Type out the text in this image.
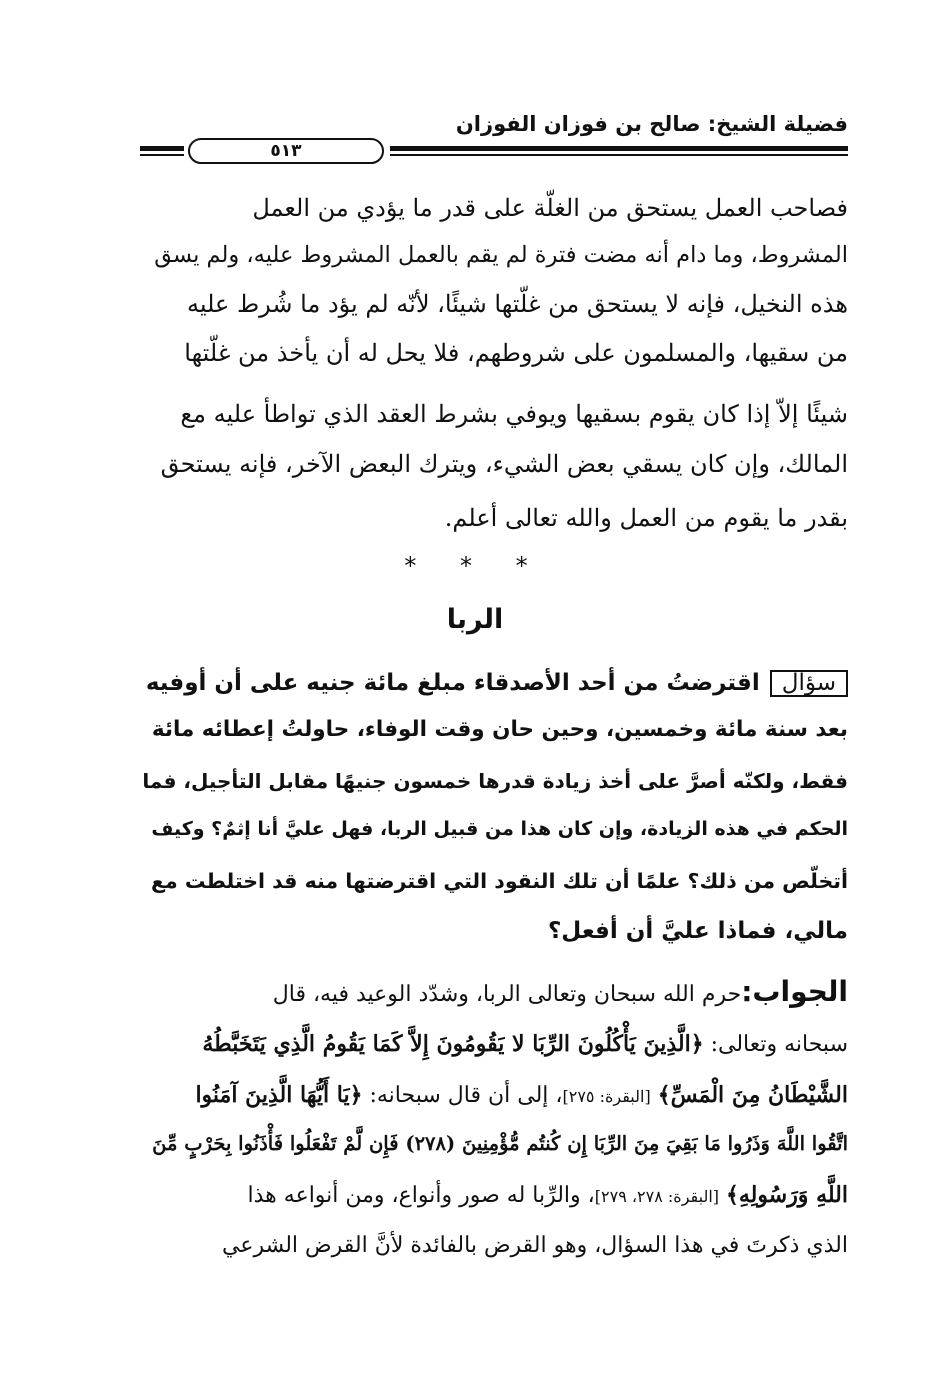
فضيلة الشيخ: صالح بن فوزان الفوزان
٥١٣
فصاحب العمل يستحق من الغلّة على قدر ما يؤدي من العمل
المشروط، وما دام أنه مضت فترة لم يقم بالعمل المشروط عليه، ولم يسق
هذه النخيل، فإنه لا يستحق من غلّتها شيئًا، لأنّه لم يؤد ما شُرط عليه
من سقيها، والمسلمون على شروطهم، فلا يحل له أن يأخذ من غلّتها
شيئًا إلاّ إذا كان يقوم بسقيها ويوفي بشرط العقد الذي تواطأ عليه مع
المالك، وإن كان يسقي بعض الشيء، ويترك البعض الآخر، فإنه يستحق
بقدر ما يقوم من العمل والله تعالى أعلم.
* * *
الربا
سؤالاقترضتُ من أحد الأصدقاء مبلغ مائة جنيه على أن أوفيه
بعد سنة مائة وخمسين، وحين حان وقت الوفاء، حاولتُ إعطائه مائة
فقط، ولكنّه أصرَّ على أخذ زيادة قدرها خمسون جنيهًا مقابل التأجيل، فما
الحكم في هذه الزيادة، وإن كان هذا من قبيل الربا، فهل عليَّ أنا إثمٌ؟ وكيف
أتخلّص من ذلك؟ علمًا أن تلك النقود التي اقترضتها منه قد اختلطت مع
مالي، فماذا عليَّ أن أفعل؟
الجواب:حرم الله سبحان وتعالى الربا، وشدّد الوعيد فيه، قال
سبحانه وتعالى: ﴿الَّذِينَ يَأْكُلُونَ الرِّبَا لا يَقُومُونَ إِلاَّ كَمَا يَقُومُ الَّذِي يَتَخَبَّطُهُ
الشَّيْطَانُ مِنَ الْمَسِّ﴾ [البقرة: ٢٧٥]، إلى أن قال سبحانه: ﴿يَا أَيُّهَا الَّذِينَ آمَنُوا
اتَّقُوا اللَّهَ وَذَرُوا مَا بَقِيَ مِنَ الرِّبَا إِن كُنتُم مُّؤْمِنِينَ (٢٧٨) فَإِن لَّمْ تَفْعَلُوا فَأْذَنُوا بِحَرْبٍ مِّنَ
اللَّهِ وَرَسُولِهِ﴾ [البقرة: ٢٧٨، ٢٧٩]، والرِّبا له صور وأنواع، ومن أنواعه هذا
الذي ذكرتَ في هذا السؤال، وهو القرض بالفائدة لأنَّ القرض الشرعي
